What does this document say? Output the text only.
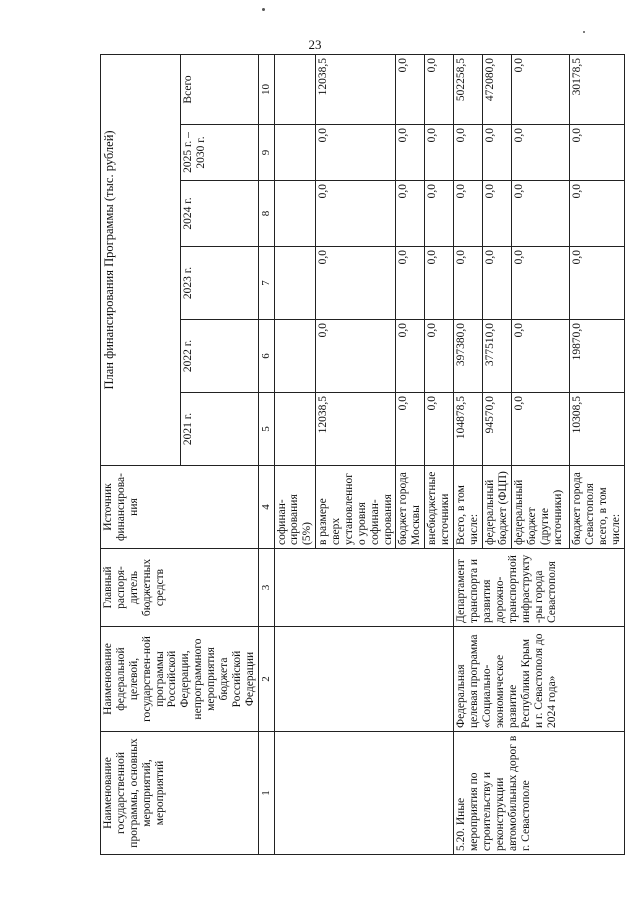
23
Наименование государственной программы, основных мероприятий, мероприятий	Наименование федеральной целевой, государствен-ной программы Российской Федерации, непрограммного мероприятия бюджета Российской Федерации	Главный распоря-дитель бюджетных средств	Источник финансирова-ния	План финансирования Программы (тыс. рублей)					
				2021 г.	2022 г.	2023 г.	2024 г.	2025 г. – 2030 г.	Всего
1	2	3	4	5	6	7	8	9	10
			софинан-сирования (5%)						
			в размере сверх установленного уровня софинан-сирования	12038,5	0,0	0,0	0,0	0,0	12038,5
			бюджет города Москвы	0,0	0,0	0,0	0,0	0,0	0,0
			внебюджетные источники	0,0	0,0	0,0	0,0	0,0	0,0
5.20. Иные мероприятия по строительству и реконструкции автомобильных дорог в г. Севастополе	Федеральная целевая программа «Социально-экономическое развитие Республики Крым и г. Севастополя до 2024 года»	Департамент транспорта и развития дорожно-транспортной инфраструкту-ры города Севастополя	Всего, в том числе:	104878,5	397380,0	0,0	0,0	0,0	502258,5
			федеральный бюджет (ФЦП)	94570,0	377510,0	0,0	0,0	0,0	472080,0
			федеральный бюджет (другие источники)	0,0	0,0	0,0	0,0	0,0	0,0
			бюджет города Севастополя всего, в том числе:	10308,5	19870,0	0,0	0,0	0,0	30178,5
